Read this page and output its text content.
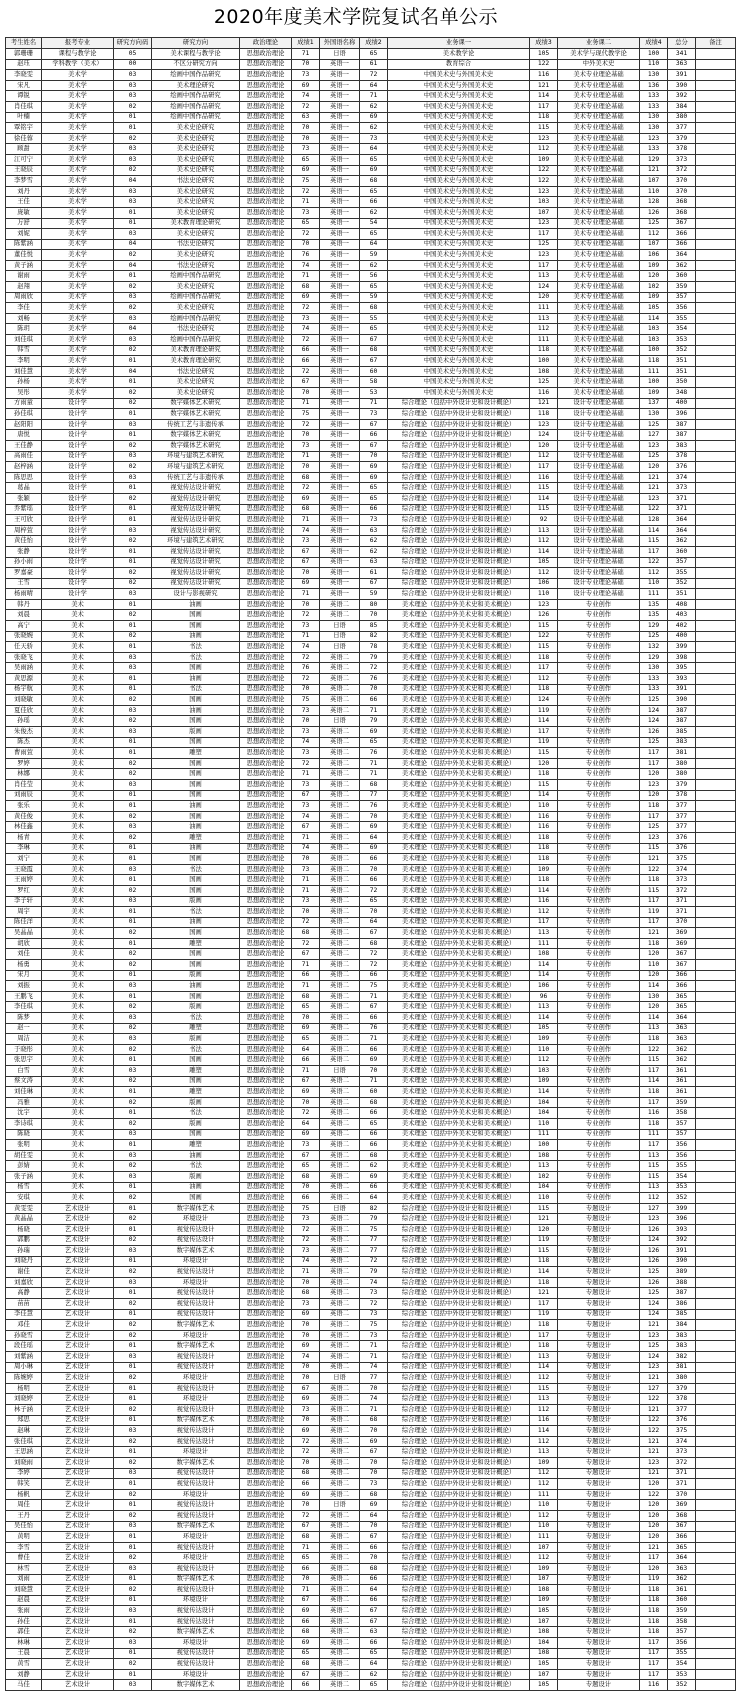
2020年度美术学院复试名单公示
考生姓名	报考专业	研究方向码	研究方向	政治理论	成绩1	外国语名称	成绩2	业务课一	成绩3	业务课二	成绩4	总分	备注
郭珊珊	课程与教学论	05	美术课程与教学论	思想政治理论	71	日语	65	美术教学论	105	美术学与现代教学论	100	341	
赵珏	学科教学（美术）	00	不区分研究方向	思想政治理论	70	英语一	61	教育综合	122	中外美术史	110	363	
李晓雯	美术学	03	绘画中国作品研究	思想政治理论	73	英语一	72	中国美术史与外国美术史	116	美术专业理论基础	130	391	
宋凡	美术学	03	美术理论研究	思想政治理论	69	英语一	64	中国美术史与外国美术史	121	美术专业理论基础	136	390	
谭锐	美术学	03	绘画中国作品研究	思想政治理论	74	英语一	71	中国美术史与外国美术史	114	美术专业理论基础	133	392	
肖佳琪	美术学	02	绘画中国作品研究	思想政治理论	72	英语一	62	中国美术史与外国美术史	117	美术专业理论基础	133	384	
叶楠	美术学	01	绘画中国作品研究	思想政治理论	63	英语一	69	中国美术史与外国美术史	118	美术专业理论基础	130	380	
覃铭宇	美术学	01	美术史论研究	思想政治理论	70	英语一	62	中国美术史与外国美术史	115	美术专业理论基础	130	377	
徐佳蓉	美术学	02	美术史论研究	思想政治理论	70	英语一	73	中国美术史与外国美术史	123	美术专业理论基础	123	379	
顾甜	美术学	03	美术史论研究	思想政治理论	73	英语一	64	中国美术史与外国美术史	112	美术专业理论基础	133	378	
江可宁	美术学	03	美术史论研究	思想政治理论	65	英语一	65	中国美术史与外国美术史	109	美术专业理论基础	129	373	
王晓辰	美术学	02	美术史论研究	思想政治理论	69	英语一	69	中国美术史与外国美术史	122	美术专业理论基础	121	372	
李梦雪	美术学	04	书法史论研究	思想政治理论	75	英语一	68	中国美术史与外国美术史	122	美术专业理论基础	107	370	
刘丹	美术学	03	美术史论研究	思想政治理论	72	英语一	65	中国美术史与外国美术史	123	美术专业理论基础	110	370	
王佳	美术学	03	美术史论研究	思想政治理论	71	英语一	66	中国美术史与外国美术史	103	美术专业理论基础	128	368	
庞敏	美术学	01	美术史论研究	思想政治理论	73	英语一	62	中国美术史与外国美术史	107	美术专业理论基础	126	368	
万舒	美术学	01	美术教育理论研究	思想政治理论	65	英语一	54	中国美术史与外国美术史	123	美术专业理论基础	125	367	
刘妮	美术学	03	美术史论研究	思想政治理论	72	英语一	65	中国美术史与外国美术史	117	美术专业理论基础	112	366	
陈紫涵	美术学	04	书法史论研究	思想政治理论	70	英语一	64	中国美术史与外国美术史	125	美术专业理论基础	107	366	
董佳悦	美术学	02	美术史论研究	思想政治理论	76	英语一	59	中国美术史与外国美术史	123	美术专业理论基础	106	364	
黄子涵	美术学	04	书法史论研究	思想政治理论	74	英语一	62	中国美术史与外国美术史	117	美术专业理论基础	109	362	
谢雨	美术学	01	绘画中国作品研究	思想政治理论	71	英语一	56	中国美术史与外国美术史	113	美术专业理论基础	120	360	
赵翔	美术学	02	美术史论研究	思想政治理论	68	英语一	65	中国美术史与外国美术史	124	美术专业理论基础	102	359	
周雨欣	美术学	03	绘画中国作品研究	思想政治理论	69	英语一	59	中国美术史与外国美术史	120	美术专业理论基础	109	357	
李佳	美术学	02	美术史论研究	思想政治理论	72	英语一	68	中国美术史与外国美术史	111	美术专业理论基础	105	356	
刘畅	美术学	03	绘画中国作品研究	思想政治理论	73	英语一	55	中国美术史与外国美术史	113	美术专业理论基础	114	355	
陈玥	美术学	04	书法史论研究	思想政治理论	74	英语一	65	中国美术史与外国美术史	112	美术专业理论基础	103	354	
刘佳琪	美术学	03	绘画中国作品研究	思想政治理论	72	英语一	67	中国美术史与外国美术史	111	美术专业理论基础	103	353	
韩雪	美术学	02	美术教育理论研究	思想政治理论	66	英语一	68	中国美术史与外国美术史	118	美术专业理论基础	100	352	
李明	美术学	01	美术教育理论研究	思想政治理论	66	英语一	67	中国美术史与外国美术史	100	美术专业理论基础	118	351	
刘佳慧	美术学	04	书法史论研究	思想政治理论	72	英语一	60	中国美术史与外国美术史	108	美术专业理论基础	111	351	
孙杨	美术学	01	美术史论研究	思想政治理论	67	英语一	58	中国美术史与外国美术史	125	美术专业理论基础	100	350	
吴彤	美术学	02	美术史论研究	思想政治理论	70	英语一	53	中国美术史与外国美术史	116	美术专业理论基础	109	348	
方雨童	设计学	02	数字媒体艺术研究	思想政治理论	71	英语一	71	综合理论（包括中外设计史和设计概论）	121	设计专业理论基础	137	400	
孙佳琪	设计学	01	数字媒体艺术研究	思想政治理论	75	英语一	73	综合理论（包括中外设计史和设计概论）	118	设计专业理论基础	130	396	
赵阳阳	设计学	03	传统工艺与非遗传承	思想政治理论	72	英语一	67	综合理论（包括中外设计史和设计概论）	123	设计专业理论基础	125	387	
唐悦	设计学	01	数字媒体艺术研究	思想政治理论	70	英语一	66	综合理论（包括中外设计史和设计概论）	124	设计专业理论基础	127	387	
王佳静	设计学	02	数字媒体艺术研究	思想政治理论	73	英语一	67	综合理论（包括中外设计史和设计概论）	120	设计专业理论基础	123	383	
高雨佳	设计学	03	环境与建筑艺术研究	思想政治理论	71	英语一	70	综合理论（包括中外设计史和设计概论）	112	设计专业理论基础	125	378	
赵梓涵	设计学	02	环境与建筑艺术研究	思想政治理论	70	英语一	69	综合理论（包括中外设计史和设计概论）	117	设计专业理论基础	120	376	
陈思思	设计学	03	传统工艺与非遗传承	思想政治理论	68	英语一	69	综合理论（包括中外设计史和设计概论）	116	设计专业理论基础	121	374	
葛晶	设计学	01	视觉传达设计研究	思想政治理论	72	英语一	65	综合理论（包括中外设计史和设计概论）	115	设计专业理论基础	121	373	
张颖	设计学	02	视觉传达设计研究	思想政治理论	69	英语一	65	综合理论（包括中外设计史和设计概论）	114	设计专业理论基础	123	371	
乔紫瑶	设计学	01	视觉传达设计研究	思想政治理论	68	英语一	66	综合理论（包括中外设计史和设计概论）	115	设计专业理论基础	122	371	
王可欣	设计学	01	视觉传达设计研究	思想政治理论	71	英语一	73	综合理论（包括中外设计史和设计概论）	92	设计专业理论基础	128	364	
周梓萱	设计学	03	视觉传达设计研究	思想政治理论	74	英语一	63	综合理论（包括中外设计史和设计概论）	113	设计专业理论基础	114	364	
黄佳怡	设计学	02	环境与建筑艺术研究	思想政治理论	73	英语一	62	综合理论（包括中外设计史和设计概论）	112	设计专业理论基础	115	362	
张静	设计学	01	视觉传达设计研究	思想政治理论	67	英语一	62	综合理论（包括中外设计史和设计概论）	114	设计专业理论基础	117	360	
孙小雨	设计学	01	视觉传达设计研究	思想政治理论	67	英语一	63	综合理论（包括中外设计史和设计概论）	105	设计专业理论基础	122	357	
罗嘉豪	设计学	02	视觉传达设计研究	思想政治理论	70	英语一	61	综合理论（包括中外设计史和设计概论）	112	设计专业理论基础	112	355	
王雪	设计学	02	视觉传达设计研究	思想政治理论	69	英语一	67	综合理论（包括中外设计史和设计概论）	106	设计专业理论基础	110	352	
杨雨晴	设计学	03	设计与影视研究	思想政治理论	71	英语一	59	综合理论（包括中外设计史和设计概论）	110	设计专业理论基础	111	351	
韩丹	美术	01	油画	思想政治理论	70	英语二	80	美术理论（包括中外美术史和美术概论）	123	专业创作	135	408	
刘晨	美术	02	国画	思想政治理论	72	英语二	70	美术理论（包括中外美术史和美术概论）	126	专业创作	135	403	
高宁	美术	01	国画	思想政治理论	73	日语	85	美术理论（包括中外美术史和美术概论）	115	专业创作	129	402	
张晓婉	美术	02	油画	思想政治理论	71	日语	82	美术理论（包括中外美术史和美术概论）	122	专业创作	125	400	
任天骄	美术	01	书法	思想政治理论	74	日语	78	美术理论（包括中外美术史和美术概论）	115	专业创作	132	399	
张晓飞	美术	03	书法	思想政治理论	72	英语二	79	美术理论（包括中外美术史和美术概论）	118	专业创作	129	398	
吴雨涵	美术	03	国画	思想政治理论	76	英语二	72	美术理论（包括中外美术史和美术概论）	117	专业创作	130	395	
黄思源	美术	01	油画	思想政治理论	72	英语二	76	美术理论（包括中外美术史和美术概论）	112	专业创作	133	393	
杨宇航	美术	01	书法	思想政治理论	70	英语二	70	美术理论（包括中外美术史和美术概论）	118	专业创作	133	391	
刘晓敏	美术	02	国画	思想政治理论	75	英语二	66	美术理论（包括中外美术史和美术概论）	124	专业创作	125	390	
夏佳欣	美术	03	油画	思想政治理论	73	英语二	71	美术理论（包括中外美术史和美术概论）	119	专业创作	124	387	
孙瑶	美术	02	国画	思想政治理论	70	日语	79	美术理论（包括中外美术史和美术概论）	114	专业创作	124	387	
朱俊杰	美术	03	版画	思想政治理论	73	英语二	69	美术理论（包括中外美术史和美术概论）	117	专业创作	126	385	
陈杰	美术	01	国画	思想政治理论	74	英语二	65	美术理论（包括中外美术史和美术概论）	119	专业创作	125	383	
曹雨萱	美术	01	雕塑	思想政治理论	73	英语二	76	美术理论（包括中外美术史和美术概论）	115	专业创作	117	381	
罗婷	美术	02	国画	思想政治理论	72	英语二	71	美术理论（包括中外美术史和美术概论）	120	专业创作	117	380	
林娜	美术	02	国画	思想政治理论	71	英语二	71	美术理论（包括中外美术史和美术概论）	118	专业创作	120	380	
肖佳莹	美术	03	国画	思想政治理论	73	英语二	68	美术理论（包括中外美术史和美术概论）	115	专业创作	123	379	
刘雨辰	美术	01	国画	思想政治理论	67	英语二	77	美术理论（包括中外美术史和美术概论）	114	专业创作	120	378	
张乐	美术	01	油画	思想政治理论	73	英语二	76	美术理论（包括中外美术史和美术概论）	110	专业创作	118	377	
黄佳俊	美术	02	国画	思想政治理论	74	英语二	70	美术理论（包括中外美术史和美术概论）	116	专业创作	117	377	
林佳鑫	美术	03	油画	思想政治理论	67	英语二	69	美术理论（包括中外美术史和美术概论）	116	专业创作	125	377	
杨青	美术	02	雕塑	思想政治理论	71	英语二	64	美术理论（包括中外美术史和美术概论）	118	专业创作	123	376	
李琳	美术	01	油画	思想政治理论	74	英语二	69	美术理论（包括中外美术史和美术概论）	118	专业创作	115	376	
刘宁	美术	01	国画	思想政治理论	70	英语二	66	美术理论（包括中外美术史和美术概论）	118	专业创作	121	375	
王晓霞	美术	03	书法	思想政治理论	73	英语二	70	美术理论（包括中外美术史和美术概论）	109	专业创作	122	374	
王雨婷	美术	01	国画	思想政治理论	71	英语二	66	美术理论（包括中外美术史和美术概论）	118	专业创作	118	373	
罗红	美术	02	国画	思想政治理论	71	英语二	72	美术理论（包括中外美术史和美术概论）	114	专业创作	115	372	
李子轩	美术	03	版画	思想政治理论	73	英语二	65	美术理论（包括中外美术史和美术概论）	116	专业创作	117	371	
周宇	美术	01	书法	思想政治理论	70	英语二	70	美术理论（包括中外美术史和美术概论）	112	专业创作	119	371	
陈佳洋	美术	01	油画	思想政治理论	72	英语二	64	美术理论（包括中外美术史和美术概论）	117	专业创作	117	370	
吴晶晶	美术	02	国画	思想政治理论	68	英语二	67	美术理论（包括中外美术史和美术概论）	113	专业创作	121	369	
胡欣	美术	01	雕塑	思想政治理论	72	英语二	68	美术理论（包括中外美术史和美术概论）	111	专业创作	118	369	
刘佳	美术	02	国画	思想政治理论	67	英语二	72	美术理论（包括中外美术史和美术概论）	108	专业创作	120	367	
杨勇	美术	02	国画	思想政治理论	71	英语二	72	美术理论（包括中外美术史和美术概论）	114	专业创作	110	367	
宋月	美术	01	版画	思想政治理论	66	英语二	66	美术理论（包括中外美术史和美术概论）	114	专业创作	120	366	
刘振	美术	03	油画	思想政治理论	71	英语二	75	美术理论（包括中外美术史和美术概论）	106	专业创作	114	366	
王鹏飞	美术	01	国画	思想政治理论	68	英语二	71	美术理论（包括中外美术史和美术概论）	96	专业创作	130	365	
李佳琪	美术	02	版画	思想政治理论	65	英语二	67	美术理论（包括中外美术史和美术概论）	113	专业创作	120	365	
陈梦	美术	03	书法	思想政治理论	70	英语二	66	美术理论（包括中外美术史和美术概论）	114	专业创作	114	364	
赵一	美术	02	雕塑	思想政治理论	69	英语二	76	美术理论（包括中外美术史和美术概论）	105	专业创作	113	363	
周洁	美术	03	版画	思想政治理论	65	英语二	71	美术理论（包括中外美术史和美术概论）	109	专业创作	118	363	
于晓彤	美术	02	书法	思想政治理论	64	英语二	66	美术理论（包括中外美术史和美术概论）	110	专业创作	122	362	
张思宇	美术	01	国画	思想政治理论	66	英语二	69	美术理论（包括中外美术史和美术概论）	112	专业创作	115	362	
白雪	美术	03	雕塑	思想政治理论	71	日语	70	美术理论（包括中外美术史和美术概论）	103	专业创作	117	361	
蔡文涛	美术	02	国画	思想政治理论	67	英语二	71	美术理论（包括中外美术史和美术概论）	109	专业创作	114	361	
刘佳琳	美术	01	雕塑	思想政治理论	69	英语二	60	美术理论（包括中外美术史和美术概论）	114	专业创作	118	361	
冯雅	美术	02	版画	思想政治理论	70	英语二	68	美术理论（包括中外美术史和美术概论）	104	专业创作	117	359	
沈宇	美术	01	书法	思想政治理论	72	英语二	66	美术理论（包括中外美术史和美术概论）	104	专业创作	116	358	
李诗琪	美术	02	版画	思想政治理论	64	英语二	65	美术理论（包括中外美术史和美术概论）	110	专业创作	118	357	
陈晓	美术	03	国画	思想政治理论	69	英语二	66	美术理论（包括中外美术史和美术概论）	111	专业创作	111	357	
张明	美术	01	雕塑	思想政治理论	73	英语二	66	美术理论（包括中外美术史和美术概论）	100	专业创作	117	356	
胡佳雯	美术	03	油画	思想政治理论	67	英语二	68	美术理论（包括中外美术史和美术概论）	108	专业创作	113	356	
彭婧	美术	02	书法	思想政治理论	65	英语二	62	美术理论（包括中外美术史和美术概论）	113	专业创作	115	355	
张子涵	美术	03	版画	思想政治理论	68	英语二	69	美术理论（包括中外美术史和美术概论）	102	专业创作	115	354	
杨雪	美术	01	油画	思想政治理论	70	英语二	66	美术理论（包括中外美术史和美术概论）	104	专业创作	113	353	
安琪	美术	02	国画	思想政治理论	66	英语二	64	美术理论（包括中外美术史和美术概论）	110	专业创作	112	352	
黄雯雯	艺术设计	01	数字媒体艺术	思想政治理论	75	日语	82	综合理论（包括中外设计史和设计概论）	115	专题设计	127	399	
黄晶晶	艺术设计	02	环境设计	思想政治理论	73	英语二	79	综合理论（包括中外设计史和设计概论）	121	专题设计	123	396	
杨晓	艺术设计	01	视觉传达设计	思想政治理论	72	英语二	75	综合理论（包括中外设计史和设计概论）	120	专题设计	126	393	
郭鹏	艺术设计	02	视觉传达设计	思想政治理论	72	英语二	77	综合理论（包括中外设计史和设计概论）	119	专题设计	124	392	
孙瑞	艺术设计	03	数字媒体艺术	思想政治理论	73	英语二	77	综合理论（包括中外设计史和设计概论）	115	专题设计	126	391	
刘晓丹	艺术设计	01	环境设计	思想政治理论	74	英语二	72	综合理论（包括中外设计史和设计概论）	118	专题设计	126	390	
谢佳	艺术设计	02	视觉传达设计	思想政治理论	71	英语二	79	综合理论（包括中外设计史和设计概论）	114	专题设计	125	389	
刘嘉欣	艺术设计	03	环境设计	思想政治理论	70	英语二	74	综合理论（包括中外设计史和设计概论）	118	专题设计	126	388	
高静	艺术设计	01	视觉传达设计	思想政治理论	68	英语二	73	综合理论（包括中外设计史和设计概论）	121	专题设计	125	387	
苗苗	艺术设计	02	视觉传达设计	思想政治理论	73	英语二	72	综合理论（包括中外设计史和设计概论）	117	专题设计	124	386	
李佳慧	艺术设计	01	视觉传达设计	思想政治理论	69	英语二	73	综合理论（包括中外设计史和设计概论）	119	专题设计	124	385	
邓佳	艺术设计	02	数字媒体艺术	思想政治理论	70	英语二	75	综合理论（包括中外设计史和设计概论）	118	专题设计	121	384	
孙晓雪	艺术设计	02	环境设计	思想政治理论	70	英语二	73	综合理论（包括中外设计史和设计概论）	117	专题设计	123	383	
段佳瑶	艺术设计	01	数字媒体艺术	思想政治理论	69	英语二	71	综合理论（包括中外设计史和设计概论）	118	专题设计	125	383	
刘紫涵	艺术设计	03	视觉传达设计	思想政治理论	74	英语二	71	综合理论（包括中外设计史和设计概论）	113	专题设计	124	382	
周小琳	艺术设计	01	视觉传达设计	思想政治理论	70	英语二	74	综合理论（包括中外设计史和设计概论）	114	专题设计	123	381	
陈婉婷	艺术设计	02	环境设计	思想政治理论	70	日语	77	综合理论（包括中外设计史和设计概论）	112	专题设计	121	380	
杨明	艺术设计	01	视觉传达设计	思想政治理论	67	英语二	70	综合理论（包括中外设计史和设计概论）	115	专题设计	127	379	
刘晓婷	艺术设计	01	环境设计	思想政治理论	69	英语二	74	综合理论（包括中外设计史和设计概论）	113	专题设计	122	378	
林子涵	艺术设计	02	视觉传达设计	思想政治理论	73	英语二	71	综合理论（包括中外设计史和设计概论）	112	专题设计	121	377	
郑思	艺术设计	01	数字媒体艺术	思想政治理论	70	英语二	68	综合理论（包括中外设计史和设计概论）	116	专题设计	122	376	
赵琳	艺术设计	03	视觉传达设计	思想政治理论	69	英语二	70	综合理论（包括中外设计史和设计概论）	114	专题设计	122	375	
张佳琪	艺术设计	02	视觉传达设计	思想政治理论	72	英语二	69	综合理论（包括中外设计史和设计概论）	112	专题设计	121	374	
王思涵	艺术设计	01	环境设计	思想政治理论	72	英语二	67	综合理论（包括中外设计史和设计概论）	113	专题设计	121	373	
刘晓雨	艺术设计	02	数字媒体艺术	思想政治理论	70	英语二	70	综合理论（包括中外设计史和设计概论）	109	专题设计	123	372	
李婷	艺术设计	03	视觉传达设计	思想政治理论	68	英语二	70	综合理论（包括中外设计史和设计概论）	112	专题设计	121	371	
韩笑	艺术设计	01	视觉传达设计	思想政治理论	66	英语二	73	综合理论（包括中外设计史和设计概论）	112	专题设计	120	371	
杨帆	艺术设计	02	环境设计	思想政治理论	69	英语二	68	综合理论（包括中外设计史和设计概论）	111	专题设计	122	370	
周佳	艺术设计	01	视觉传达设计	思想政治理论	70	日语	69	综合理论（包括中外设计史和设计概论）	110	专题设计	120	369	
王丹	艺术设计	02	视觉传达设计	思想政治理论	72	英语二	64	综合理论（包括中外设计史和设计概论）	112	专题设计	120	368	
吴佳怡	艺术设计	03	数字媒体艺术	思想政治理论	67	英语二	70	综合理论（包括中外设计史和设计概论）	110	专题设计	120	367	
黄明	艺术设计	01	环境设计	思想政治理论	68	英语二	67	综合理论（包括中外设计史和设计概论）	111	专题设计	120	366	
李雪	艺术设计	01	视觉传达设计	思想政治理论	71	英语二	66	综合理论（包括中外设计史和设计概论）	107	专题设计	121	365	
曹佳	艺术设计	02	环境设计	思想政治理论	65	英语二	70	综合理论（包括中外设计史和设计概论）	112	专题设计	117	364	
林雪	艺术设计	03	视觉传达设计	思想政治理论	66	英语二	68	综合理论（包括中外设计史和设计概论）	109	专题设计	120	363	
刘雨	艺术设计	01	数字媒体艺术	思想政治理论	70	英语二	66	综合理论（包括中外设计史和设计概论）	107	专题设计	119	362	
刘晓慧	艺术设计	02	视觉传达设计	思想政治理论	71	英语二	64	综合理论（包括中外设计史和设计概论）	108	专题设计	118	361	
赵晨	艺术设计	01	环境设计	思想政治理论	67	英语二	66	综合理论（包括中外设计史和设计概论）	109	专题设计	118	360	
张雨	艺术设计	03	视觉传达设计	思想政治理论	69	英语二	67	综合理论（包括中外设计史和设计概论）	105	专题设计	118	359	
孙佳	艺术设计	01	视觉传达设计	思想政治理论	66	英语二	67	综合理论（包括中外设计史和设计概论）	107	专题设计	118	358	
郭佳	艺术设计	02	数字媒体艺术	思想政治理论	68	英语二	63	综合理论（包括中外设计史和设计概论）	108	专题设计	118	357	
林琳	艺术设计	03	环境设计	思想政治理论	69	英语二	66	综合理论（包括中外设计史和设计概论）	104	专题设计	117	356	
王晨	艺术设计	01	视觉传达设计	思想政治理论	65	英语二	65	综合理论（包括中外设计史和设计概论）	108	专题设计	117	355	
黄雪	艺术设计	02	视觉传达设计	思想政治理论	68	英语二	64	综合理论（包括中外设计史和设计概论）	105	专题设计	117	354	
刘静	艺术设计	01	环境设计	思想政治理论	67	英语二	62	综合理论（包括中外设计史和设计概论）	107	专题设计	117	353	
马佳	艺术设计	03	数字媒体艺术	思想政治理论	66	英语二	65	综合理论（包括中外设计史和设计概论）	105	专题设计	116	352	
